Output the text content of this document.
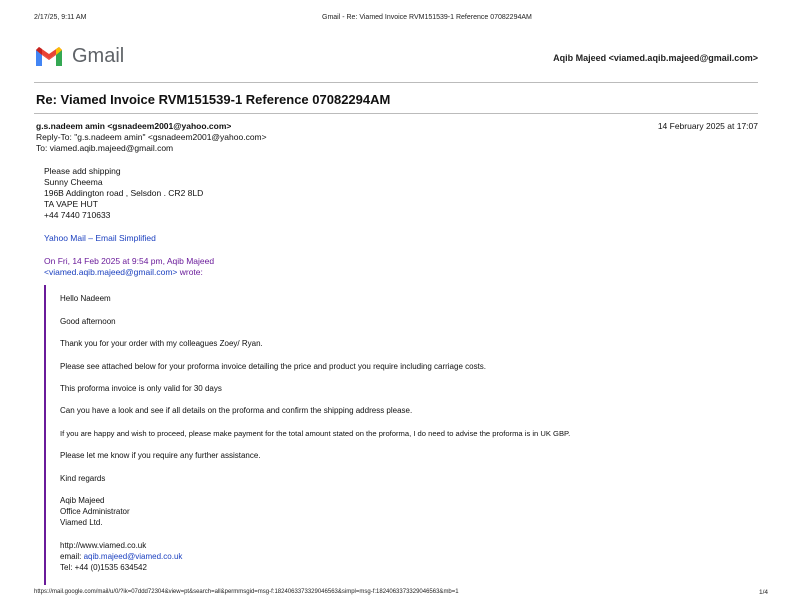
2/17/25, 9:11 AM	Gmail - Re: Viamed Invoice RVM151539-1 Reference 07082294AM
Gmail	Aqib Majeed <viamed.aqib.majeed@gmail.com>
Re: Viamed Invoice RVM151539-1 Reference 07082294AM
g.s.nadeem amin <gsnadeem2001@yahoo.com>	14 February 2025 at 17:07
Reply-To: "g.s.nadeem amin" <gsnadeem2001@yahoo.com>
To: viamed.aqib.majeed@gmail.com
Please add shipping
Sunny Cheema
196B Addington road , Selsdon . CR2 8LD
TA VAPE HUT
+44 7440 710633
Yahoo Mail – Email Simplified
On Fri, 14 Feb 2025 at 9:54 pm, Aqib Majeed
<viamed.aqib.majeed@gmail.com> wrote:
Hello Nadeem
Good afternoon
Thank you for your order with my colleagues Zoey/ Ryan.
Please see attached below for your proforma invoice detailing the price and product you require including carriage costs.
This proforma invoice is only valid for 30 days
Can you have a look and see if all details on the proforma and confirm the shipping address please.
If you are happy and wish to proceed, please make payment for the total amount stated on the proforma, I do need to advise the proforma is in UK GBP.
Please let me know if you require any further assistance.
Kind regards
Aqib Majeed
Office Administrator
Viamed Ltd.
http://www.viamed.co.uk
email: aqib.majeed@viamed.co.uk
Tel: +44 (0)1535 634542
https://mail.google.com/mail/u/0/?ik=07ddd72304&view=pt&search=all&permmsgid=msg-f:1824063373329046563&simpl=msg-f:1824063373329046563&mb=1	1/4
